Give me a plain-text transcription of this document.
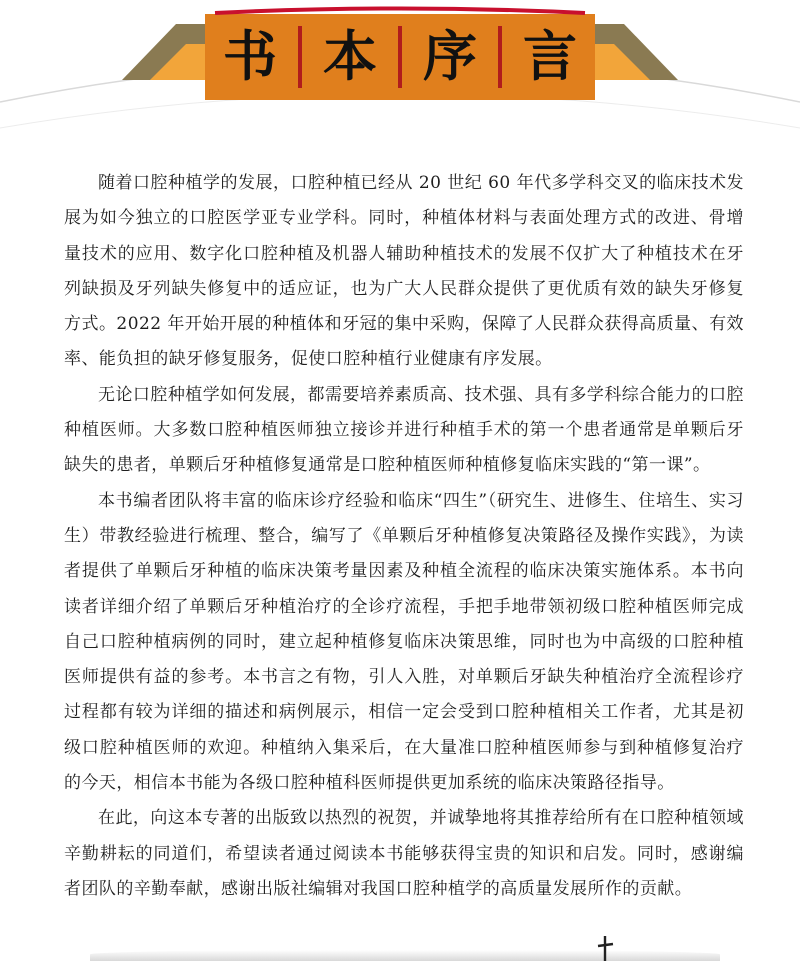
书 本 序 言

随着口腔种植学的发展，口腔种植已经从 20 世纪 60 年代多学科交叉的临床技术发展为如今独立的口腔医学亚专业学科。同时，种植体材料与表面处理方式的改进、骨增量技术的应用、数字化口腔种植及机器人辅助种植技术的发展不仅扩大了种植技术在牙列缺损及牙列缺失修复中的适应证，也为广大人民群众提供了更优质有效的缺失牙修复方式。2022 年开始开展的种植体和牙冠的集中采购，保障了人民群众获得高质量、有效率、能负担的缺牙修复服务，促使口腔种植行业健康有序发展。

无论口腔种植学如何发展，都需要培养素质高、技术强、具有多学科综合能力的口腔种植医师。大多数口腔种植医师独立接诊并进行种植手术的第一个患者通常是单颗后牙缺失的患者，单颗后牙种植修复通常是口腔种植医师种植修复临床实践的“第一课”。

本书编者团队将丰富的临床诊疗经验和临床“四生”（研究生、进修生、住培生、实习生）带教经验进行梳理、整合，编写了《单颗后牙种植修复决策路径及操作实践》，为读者提供了单颗后牙种植的临床决策考量因素及种植全流程的临床决策实施体系。本书向读者详细介绍了单颗后牙种植治疗的全诊疗流程，手把手地带领初级口腔种植医师完成自己口腔种植病例的同时，建立起种植修复临床决策思维，同时也为中高级的口腔种植医师提供有益的参考。本书言之有物，引人入胜，对单颗后牙缺失种植治疗全流程诊疗过程都有较为详细的描述和病例展示，相信一定会受到口腔种植相关工作者，尤其是初级口腔种植医师的欢迎。种植纳入集采后，在大量准口腔种植医师参与到种植修复治疗的今天，相信本书能为各级口腔种植科医师提供更加系统的临床决策路径指导。

在此，向这本专著的出版致以热烈的祝贺，并诚挚地将其推荐给所有在口腔种植领域辛勤耕耘的同道们，希望读者通过阅读本书能够获得宝贵的知识和启发。同时，感谢编者团队的辛勤奉献，感谢出版社编辑对我国口腔种植学的高质量发展所作的贡献。
